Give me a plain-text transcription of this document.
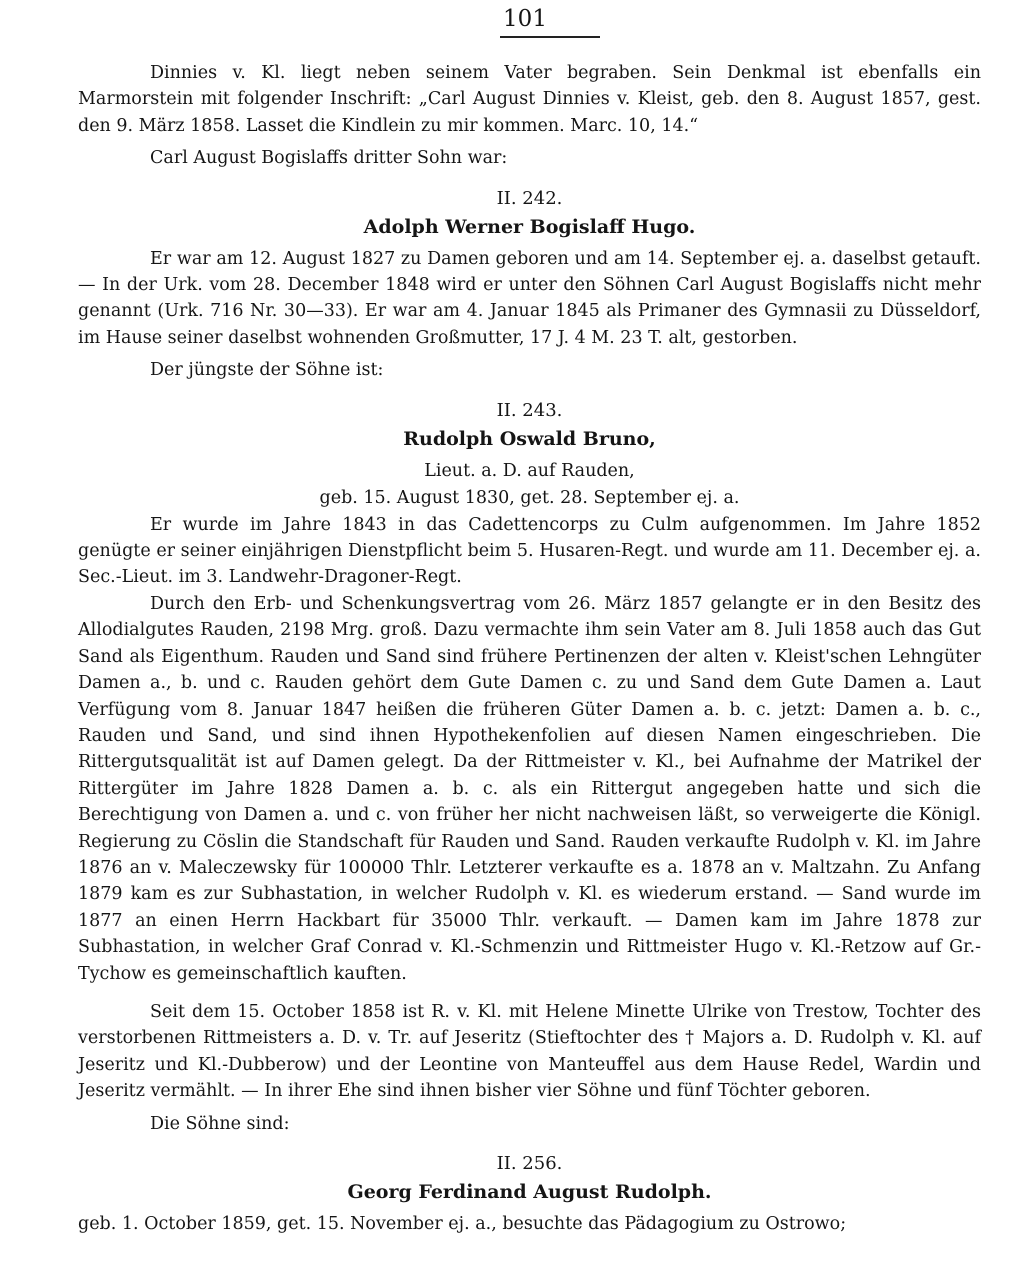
101

Dinnies v. Kl. liegt neben seinem Vater begraben. Sein Denkmal ist ebenfalls ein Marmorstein mit folgender Inschrift: „Carl August Dinnies v. Kleist, geb. den 8. August 1857, gest. den 9. März 1858. Lasset die Kindlein zu mir kommen. Marc. 10, 14.“

Carl August Bogislaffs dritter Sohn war:

II. 242.
Adolph Werner Bogislaff Hugo.

Er war am 12. August 1827 zu Damen geboren und am 14. September ej. a. daselbst getauft. — In der Urk. vom 28. December 1848 wird er unter den Söhnen Carl August Bogislaffs nicht mehr genannt (Urk. 716 Nr. 30—33). Er war am 4. Januar 1845 als Primaner des Gymnasii zu Düsseldorf, im Hause seiner daselbst wohnenden Großmutter, 17 J. 4 M. 23 T. alt, gestorben.

Der jüngste der Söhne ist:

II. 243.
Rudolph Oswald Bruno,
Lieut. a. D. auf Rauden,
geb. 15. August 1830, get. 28. September ej. a.

Er wurde im Jahre 1843 in das Cadettencorps zu Culm aufgenommen. Im Jahre 1852 genügte er seiner einjährigen Dienstpflicht beim 5. Husaren-Regt. und wurde am 11. December ej. a. Sec.-Lieut. im 3. Landwehr-Dragoner-Regt.

Durch den Erb- und Schenkungsvertrag vom 26. März 1857 gelangte er in den Besitz des Allodialgutes Rauden, 2198 Mrg. groß. Dazu vermachte ihm sein Vater am 8. Juli 1858 auch das Gut Sand als Eigenthum. Rauden und Sand sind frühere Pertinenzen der alten v. Kleist'schen Lehngüter Damen a., b. und c. Rauden gehört dem Gute Damen c. zu und Sand dem Gute Damen a. Laut Verfügung vom 8. Januar 1847 heißen die früheren Güter Damen a. b. c. jetzt: Damen a. b. c., Rauden und Sand, und sind ihnen Hypothekenfolien auf diesen Namen eingeschrieben. Die Rittergutsqualität ist auf Damen gelegt. Da der Rittmeister v. Kl., bei Aufnahme der Matrikel der Rittergüter im Jahre 1828 Damen a. b. c. als ein Rittergut angegeben hatte und sich die Berechtigung von Damen a. und c. von früher her nicht nachweisen läßt, so verweigerte die Königl. Regierung zu Cöslin die Standschaft für Rauden und Sand. Rauden verkaufte Rudolph v. Kl. im Jahre 1876 an v. Maleczewsky für 100000 Thlr. Letzterer verkaufte es a. 1878 an v. Maltzahn. Zu Anfang 1879 kam es zur Subhastation, in welcher Rudolph v. Kl. es wiederum erstand. — Sand wurde im 1877 an einen Herrn Hackbart für 35000 Thlr. verkauft. — Damen kam im Jahre 1878 zur Subhastation, in welcher Graf Conrad v. Kl.-Schmenzin und Rittmeister Hugo v. Kl.-Retzow auf Gr.-Tychow es gemeinschaftlich kauften.

Seit dem 15. October 1858 ist R. v. Kl. mit Helene Minette Ulrike von Trestow, Tochter des verstorbenen Rittmeisters a. D. v. Tr. auf Jeseritz (Stieftochter des † Majors a. D. Rudolph v. Kl. auf Jeseritz und Kl.-Dubberow) und der Leontine von Manteuffel aus dem Hause Redel, Wardin und Jeseritz vermählt. — In ihrer Ehe sind ihnen bisher vier Söhne und fünf Töchter geboren.

Die Söhne sind:

II. 256.
Georg Ferdinand August Rudolph.

geb. 1. October 1859, get. 15. November ej. a., besuchte das Pädagogium zu Ostrowo;
